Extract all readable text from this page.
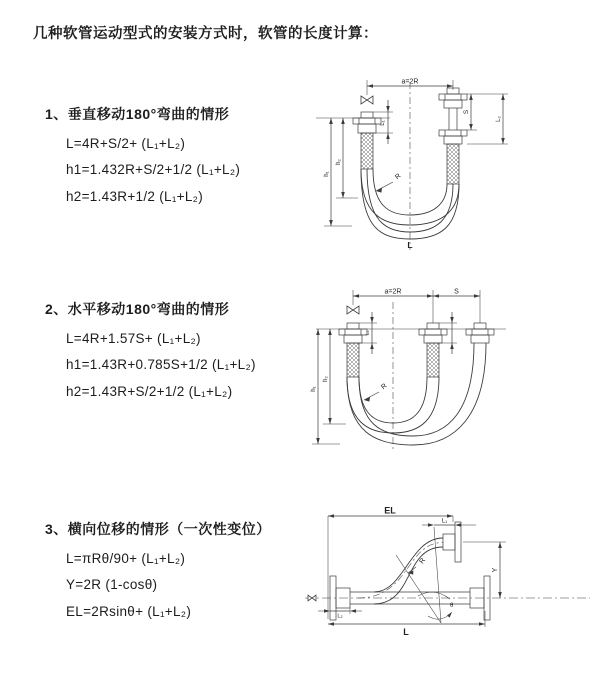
几种软管运动型式的安装方式时，软管的长度计算：
1、垂直移动180°弯曲的情形
L=4R+S/2+ (L₁+L₂)
h1=1.432R+S/2+1/2 (L₁+L₂)
h2=1.43R+1/2 (L₁+L₂)
2、水平移动180°弯曲的情形
L=4R+1.57S+ (L₁+L₂)
h1=1.43R+0.785S+1/2 (L₁+L₂)
h2=1.43R+S/2+1/2 (L₁+L₂)
3、横向位移的情形（一次性变位）
L=πRθ/90+ (L₁+L₂)
Y=2R (1-cosθ)
EL=2Rsinθ+ (L₁+L₂)
a=2R
L₁
S
L₂
h₁
h₂
R
L
a=2R	S
L₁
h₁
h₂
R
EL
L₁
Y
θ
R
L₂
L
